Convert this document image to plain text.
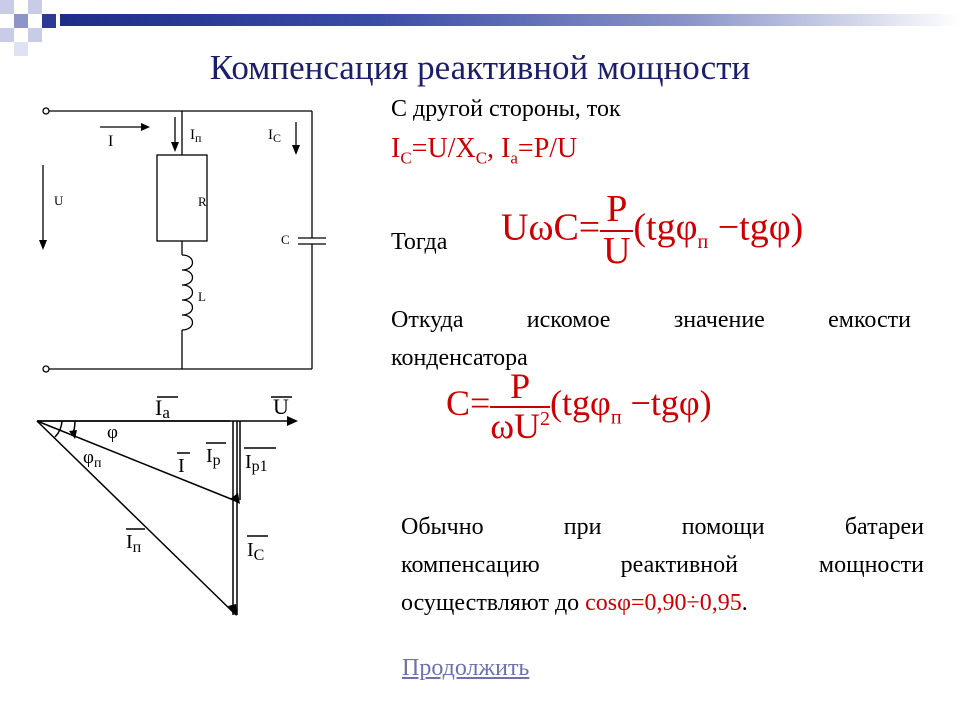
Компенсация реактивной мощности
I	$I_п$	$I_C$
U	R
L
C
Ia	U
φ
$\varphi_п$	I Ip Ip1
$I_п$	$I_C$
С другой стороны, ток
$I_C=U/X_C$, $I_a=P/U$
Тогда $U\omega C= \frac{P}{U} (tg\varphi_п -tg\varphi)$
Откуда искомое значение емкости
конденсатора
$C= \frac{P}{\omega U^2} (tg\varphi_п -tg\varphi)$
Обычно при помощи батареи
компенсацию реактивной мощности
осуществляют до cosφ=0,90÷0,95.
Продолжить
